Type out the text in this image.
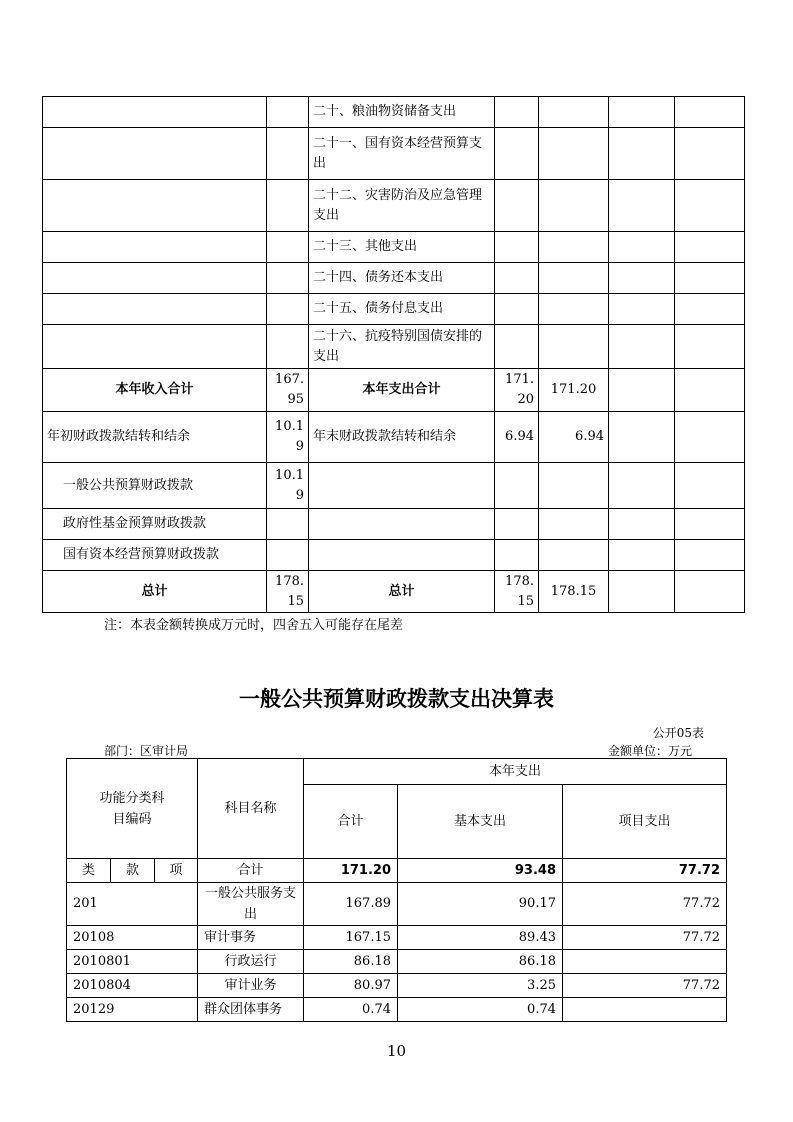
		二十、粮油物资储备支出				
		二十一、国有资本经营预算支出				
		二十二、灾害防治及应急管理支出				
		二十三、其他支出				
		二十四、债务还本支出				
		二十五、债务付息支出				
		二十六、抗疫特别国债安排的支出				
本年收入合计	167.95	本年支出合计	171.20	171.20		
年初财政拨款结转和结余	10.19	年末财政拨款结转和结余	6.94	6.94		
一般公共预算财政拨款	10.19					
政府性基金预算财政拨款						
国有资本经营预算财政拨款						
总计	178.15	总计	178.15	178.15		
注：本表金额转换成万元时，四舍五入可能存在尾差
一般公共预算财政拨款支出决算表
公开05表
部门：区审计局	金额单位：万元
功能分类科目编码			科目名称	本年支出		
				合计	基本支出	项目支出
类	款	项	合计	171.20	93.48	77.72
201			一般公共服务支出	167.89	90.17	77.72
20108			审计事务	167.15	89.43	77.72
2010801			行政运行	86.18	86.18	
2010804			审计业务	80.97	3.25	77.72
20129			群众团体事务	0.74	0.74	
10
